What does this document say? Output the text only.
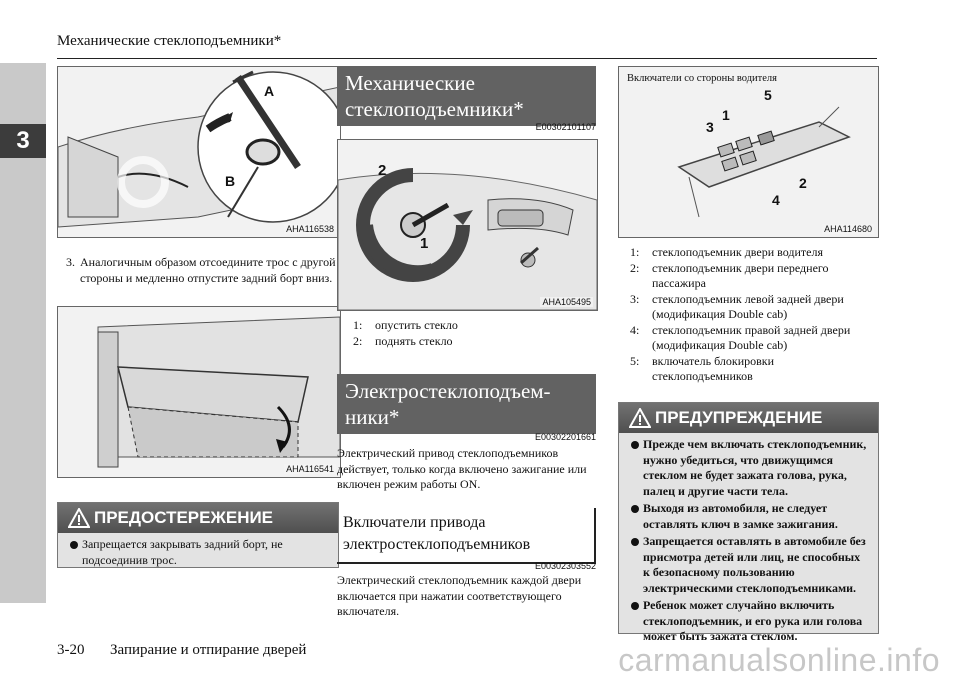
Механические стеклоподъемники*
3
A
B
AHA116538
3. Аналогичным образом отсоедините трос с другой стороны и медленно отпустите задний борт вниз.
AHA116541
ПРЕДОСТЕРЕЖЕНИЕ
Запрещается закрывать задний борт, не подсоединив трос.
Механические стеклоподъемники*
E00302101107
2
1
AHA105495
1: опустить стекло
2: поднять стекло
Электростеклоподъем-ники*
E00302201661
Электрический привод стеклоподъемников действует, только когда включено зажигание или включен режим работы ON.
Включатели привода электростеклоподъемников
E00302303552
Электрический стеклоподъемник каждой двери включается при нажатии соответствующего включателя.
Включатели со стороны водителя
5
1
3
2
4
AHA114680
1: стеклоподъемник двери водителя
2: стеклоподъемник двери переднего пассажира
3: стеклоподъемник левой задней двери (модификация Double cab)
4: стеклоподъемник правой задней двери (модификация Double cab)
5: включатель блокировки стеклоподъемников
ПРЕДУПРЕЖДЕНИЕ
Прежде чем включать стеклоподъемник, нужно убедиться, что движущимся стеклом не будет зажата голова, рука, палец и другие части тела.
Выходя из автомобиля, не следует оставлять ключ в замке зажигания.
Запрещается оставлять в автомобиле без присмотра детей или лиц, не способных к безопасному пользованию электрическими стеклоподъемниками.
Ребенок может случайно включить стеклоподъемник, и его рука или голова может быть зажата стеклом.
3-20 Запирание и отпирание дверей	carmanualsonline.info
